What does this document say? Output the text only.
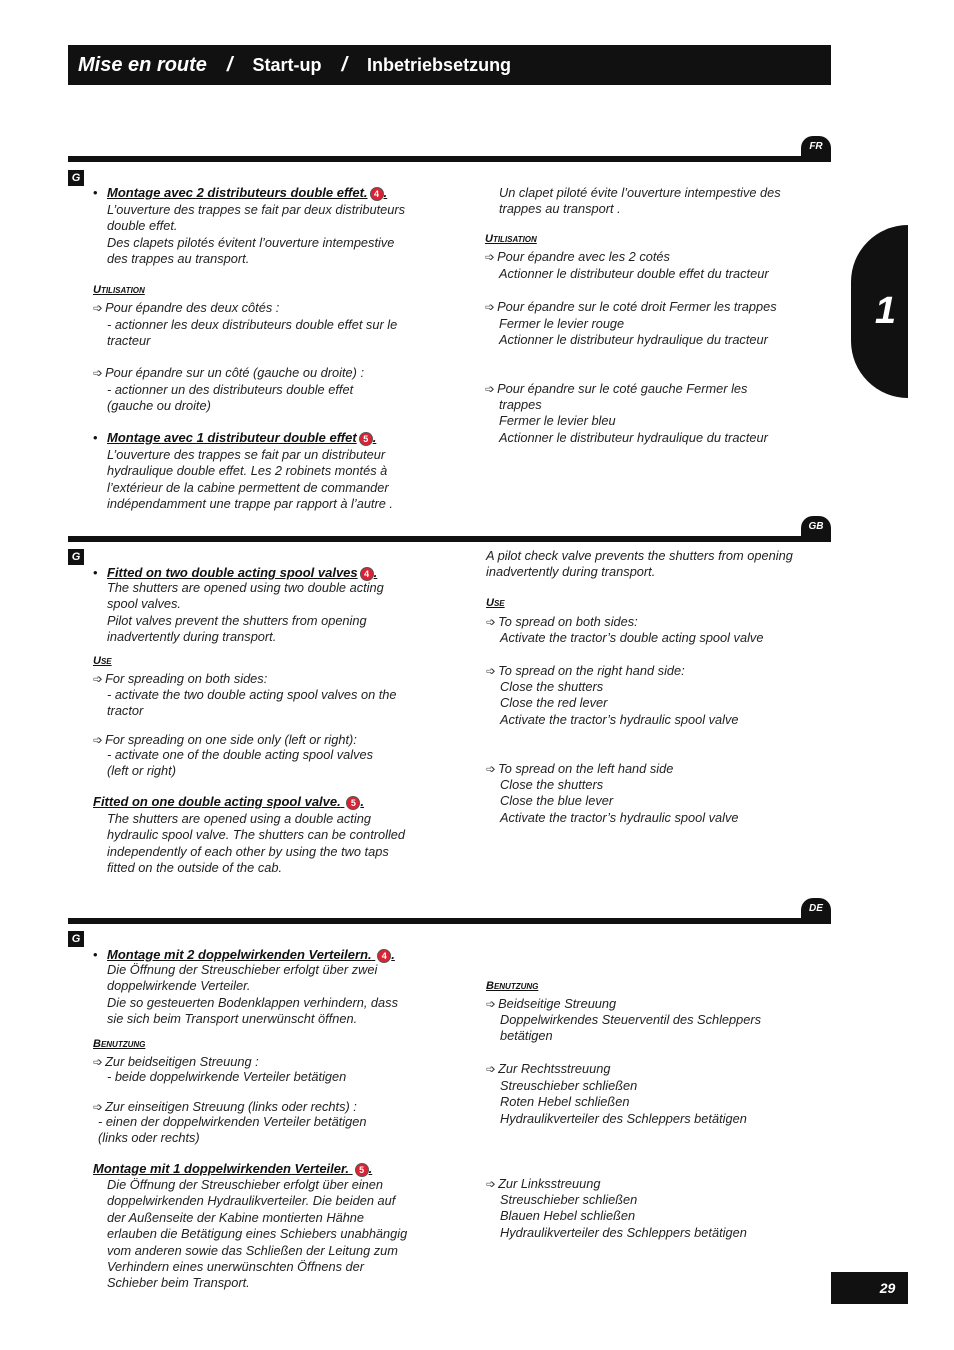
Mise en route / Start-up / Inbetriebsetzung
1
FR
G
• Montage avec 2 distributeurs double effet. 4 .
L’ouverture des trappes se fait par deux distributeurs
double effet.
Des clapets pilotés évitent l’ouverture intempestive
des trappes au transport.
Utilisation
➩ Pour épandre des deux côtés :
- actionner les deux distributeurs double effet sur le
tracteur
➩ Pour épandre sur un côté (gauche ou droite) :
- actionner un des distributeurs double effet
(gauche ou droite)
• Montage avec 1 distributeur double effet 5 .
L’ouverture des trappes se fait par un distributeur
hydraulique double effet. Les 2 robinets montés à
l’extérieur de la cabine permettent de commander
indépendamment une trappe par rapport à l’autre .
Un clapet piloté évite l’ouverture intempestive des
trappes au transport .
Utilisation
➩ Pour épandre avec les 2 cotés
Actionner le distributeur double effet du tracteur
➩ Pour épandre sur le coté droit Fermer les trappes
Fermer le levier rouge
Actionner le distributeur hydraulique du tracteur
➩ Pour épandre sur le coté gauche Fermer les
trappes
Fermer le levier bleu
Actionner le distributeur hydraulique du tracteur
GB
G
• Fitted on two double acting spool valves 4 .
The shutters are opened using two double acting
spool valves.
Pilot valves prevent the shutters from opening
inadvertently during transport.
Use
➩ For spreading on both sides:
- activate the two double acting spool valves on the
tractor
➩ For spreading on one side only (left or right):
- activate one of the double acting spool valves
(left or right)
Fitted on one double acting spool valve. 5 .
The shutters are opened using a double acting
hydraulic spool valve. The shutters can be controlled
independently of each other by using the two taps
fitted on the outside of the cab.
A pilot check valve prevents the shutters from opening
inadvertently during transport.
Use
➩ To spread on both sides:
Activate the tractor’s double acting spool valve
➩ To spread on the right hand side:
Close the shutters
Close the red lever
Activate the tractor’s hydraulic spool valve
➩ To spread on the left hand side
Close the shutters
Close the blue lever
Activate the tractor’s hydraulic spool valve
DE
G
• Montage mit 2 doppelwirkenden Verteilern. 4 .
Die Öffnung der Streuschieber erfolgt über zwei
doppelwirkende Verteiler.
Die so gesteuerten Bodenklappen verhindern, dass
sie sich beim Transport unerwünscht öffnen.
Benutzung
➩ Zur beidseitigen Streuung :
- beide doppelwirkende Verteiler betätigen
➩ Zur einseitigen Streuung (links oder rechts) :
- einen der doppelwirkenden Verteiler betätigen
(links oder rechts)
Montage mit 1 doppelwirkenden Verteiler. 5 .
Die Öffnung der Streuschieber erfolgt über einen
doppelwirkenden Hydraulikverteiler. Die beiden auf
der Außenseite der Kabine montierten Hähne
erlauben die Betätigung eines Schiebers unabhängig
vom anderen sowie das Schließen der Leitung zum
Verhindern eines unerwünschten Öffnens der
Schieber beim Transport.
Benutzung
➩ Beidseitige Streuung
Doppelwirkendes Steuerventil des Schleppers
betätigen
➩ Zur Rechtsstreuung
Streuschieber schließen
Roten Hebel schließen
Hydraulikverteiler des Schleppers betätigen
➩ Zur Linksstreuung
Streuschieber schließen
Blauen Hebel schließen
Hydraulikverteiler des Schleppers betätigen
29
